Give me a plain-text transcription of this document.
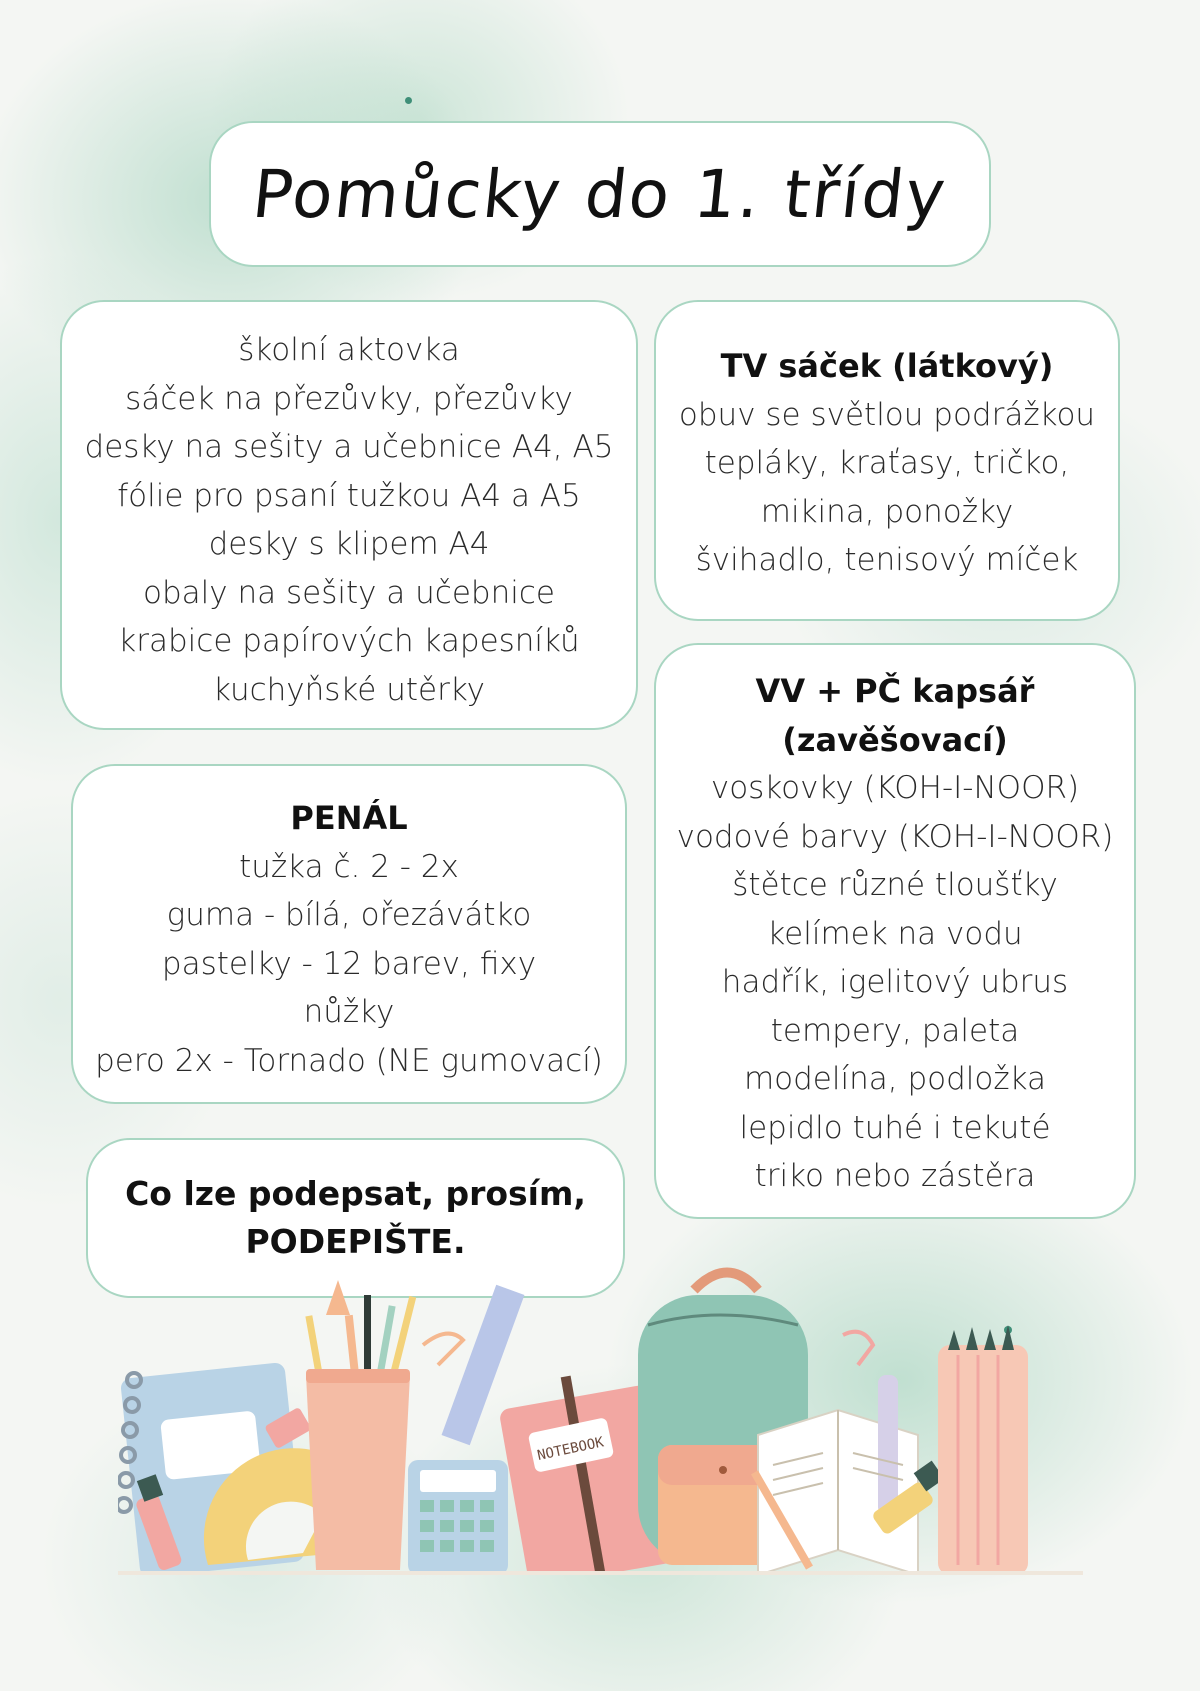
Pomůcky do 1. třídy
školní aktovka
sáček na přezůvky, přezůvky
desky na sešity a učebnice A4, A5
fólie pro psaní tužkou A4 a A5
desky s klipem A4
obaly na sešity a učebnice
krabice papírových kapesníků
kuchyňské utěrky
TV sáček (látkový)
obuv se světlou podrážkou
tepláky, kraťasy, tričko,
mikina, ponožky
švihadlo, tenisový míček
VV + PČ kapsář
(zavěšovací)
voskovky (KOH-I-NOOR)
vodové barvy (KOH-I-NOOR)
štětce různé tloušťky
kelímek na vodu
hadřík, igelitový ubrus
tempery, paleta
modelína, podložka
lepidlo tuhé i tekuté
triko nebo zástěra
PENÁL
tužka č. 2 - 2x
guma - bílá, ořezávátko
pastelky - 12 barev, fixy
nůžky
pero 2x - Tornado (NE gumovací)
Co lze podepsat, prosím,
PODEPIŠTE.
NOTEBOOK
